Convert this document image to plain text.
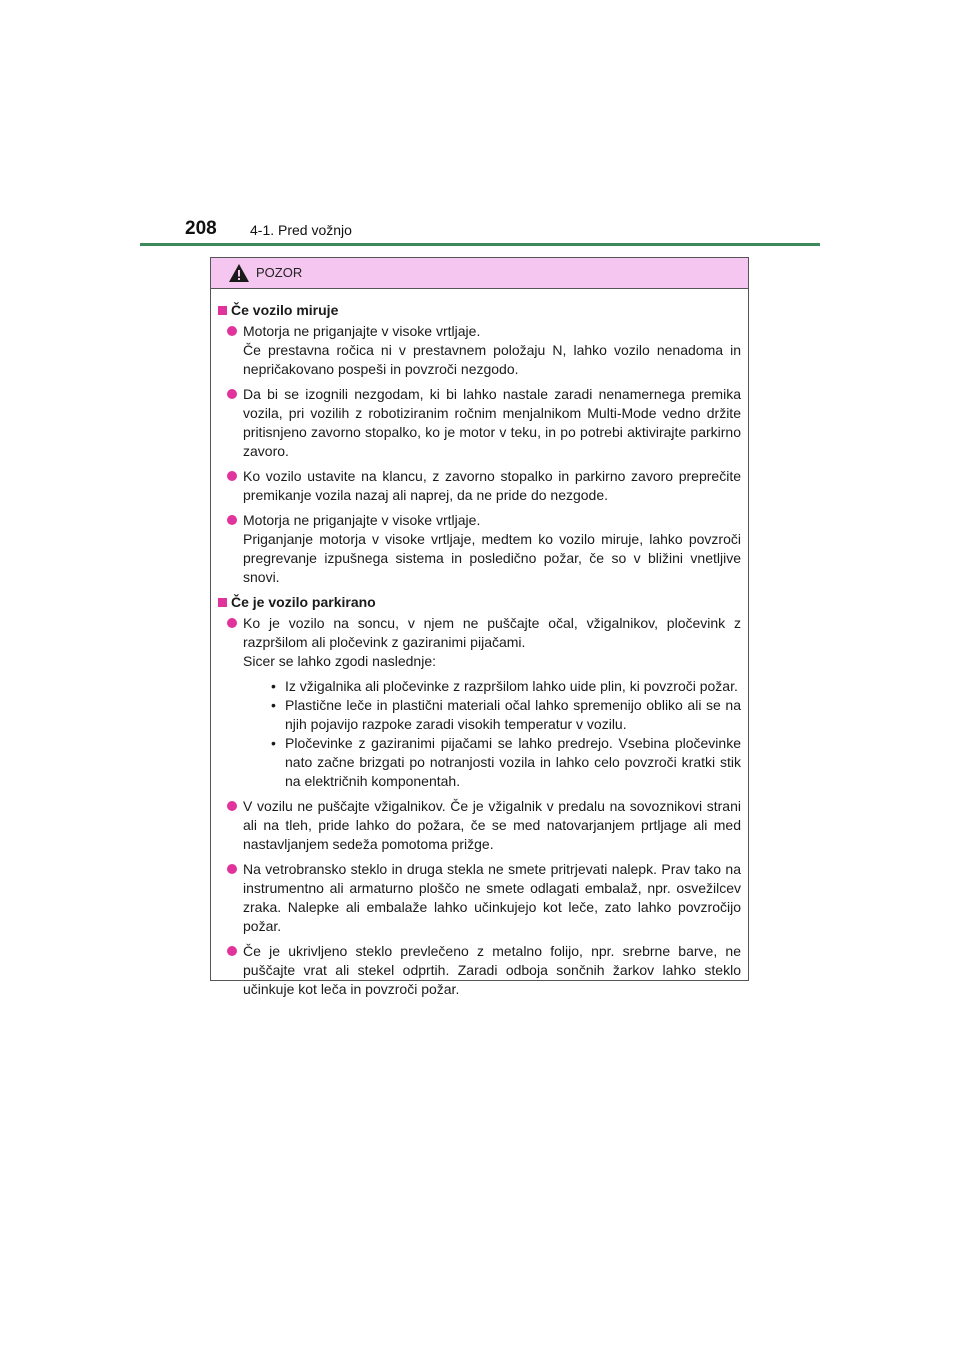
208 4-1. Pred vožnjo
POZOR
Če vozilo miruje
Motorja ne priganjajte v visoke vrtljaje.
Če prestavna ročica ni v prestavnem položaju N, lahko vozilo nenadoma in nepričakovano pospeši in povzroči nezgodo.
Da bi se izognili nezgodam, ki bi lahko nastale zaradi nenamernega premika vozila, pri vozilih z robotiziranim ročnim menjalnikom Multi-Mode vedno držite pritisnjeno zavorno stopalko, ko je motor v teku, in po potrebi aktivirajte parkirno zavoro.
Ko vozilo ustavite na klancu, z zavorno stopalko in parkirno zavoro preprečite premikanje vozila nazaj ali naprej, da ne pride do nezgode.
Motorja ne priganjajte v visoke vrtljaje.
Priganjanje motorja v visoke vrtljaje, medtem ko vozilo miruje, lahko povzroči pregrevanje izpušnega sistema in posledično požar, če so v bližini vnetljive snovi.
Če je vozilo parkirano
Ko je vozilo na soncu, v njem ne puščajte očal, vžigalnikov, pločevink z razpršilom ali pločevink z gaziranimi pijačami.
Sicer se lahko zgodi naslednje:
• Iz vžigalnika ali pločevinke z razpršilom lahko uide plin, ki povzroči požar.
• Plastične leče in plastični materiali očal lahko spremenijo obliko ali se na njih pojavijo razpoke zaradi visokih temperatur v vozilu.
• Pločevinke z gaziranimi pijačami se lahko predrejo. Vsebina pločevinke nato začne brizgati po notranjosti vozila in lahko celo povzroči kratki stik na električnih komponentah.
V vozilu ne puščajte vžigalnikov. Če je vžigalnik v predalu na sovoznikovi strani ali na tleh, pride lahko do požara, če se med natovarjanjem prtljage ali med nastavljanjem sedeža pomotoma prižge.
Na vetrobransko steklo in druga stekla ne smete pritrjevati nalepk. Prav tako na instrumentno ali armaturno ploščo ne smete odlagati embalaž, npr. osvežilcev zraka. Nalepke ali embalaže lahko učinkujejo kot leče, zato lahko povzročijo požar.
Če je ukrivljeno steklo prevlečeno z metalno folijo, npr. srebrne barve, ne puščajte vrat ali stekel odprtih. Zaradi odboja sončnih žarkov lahko steklo učinkuje kot leča in povzroči požar.
